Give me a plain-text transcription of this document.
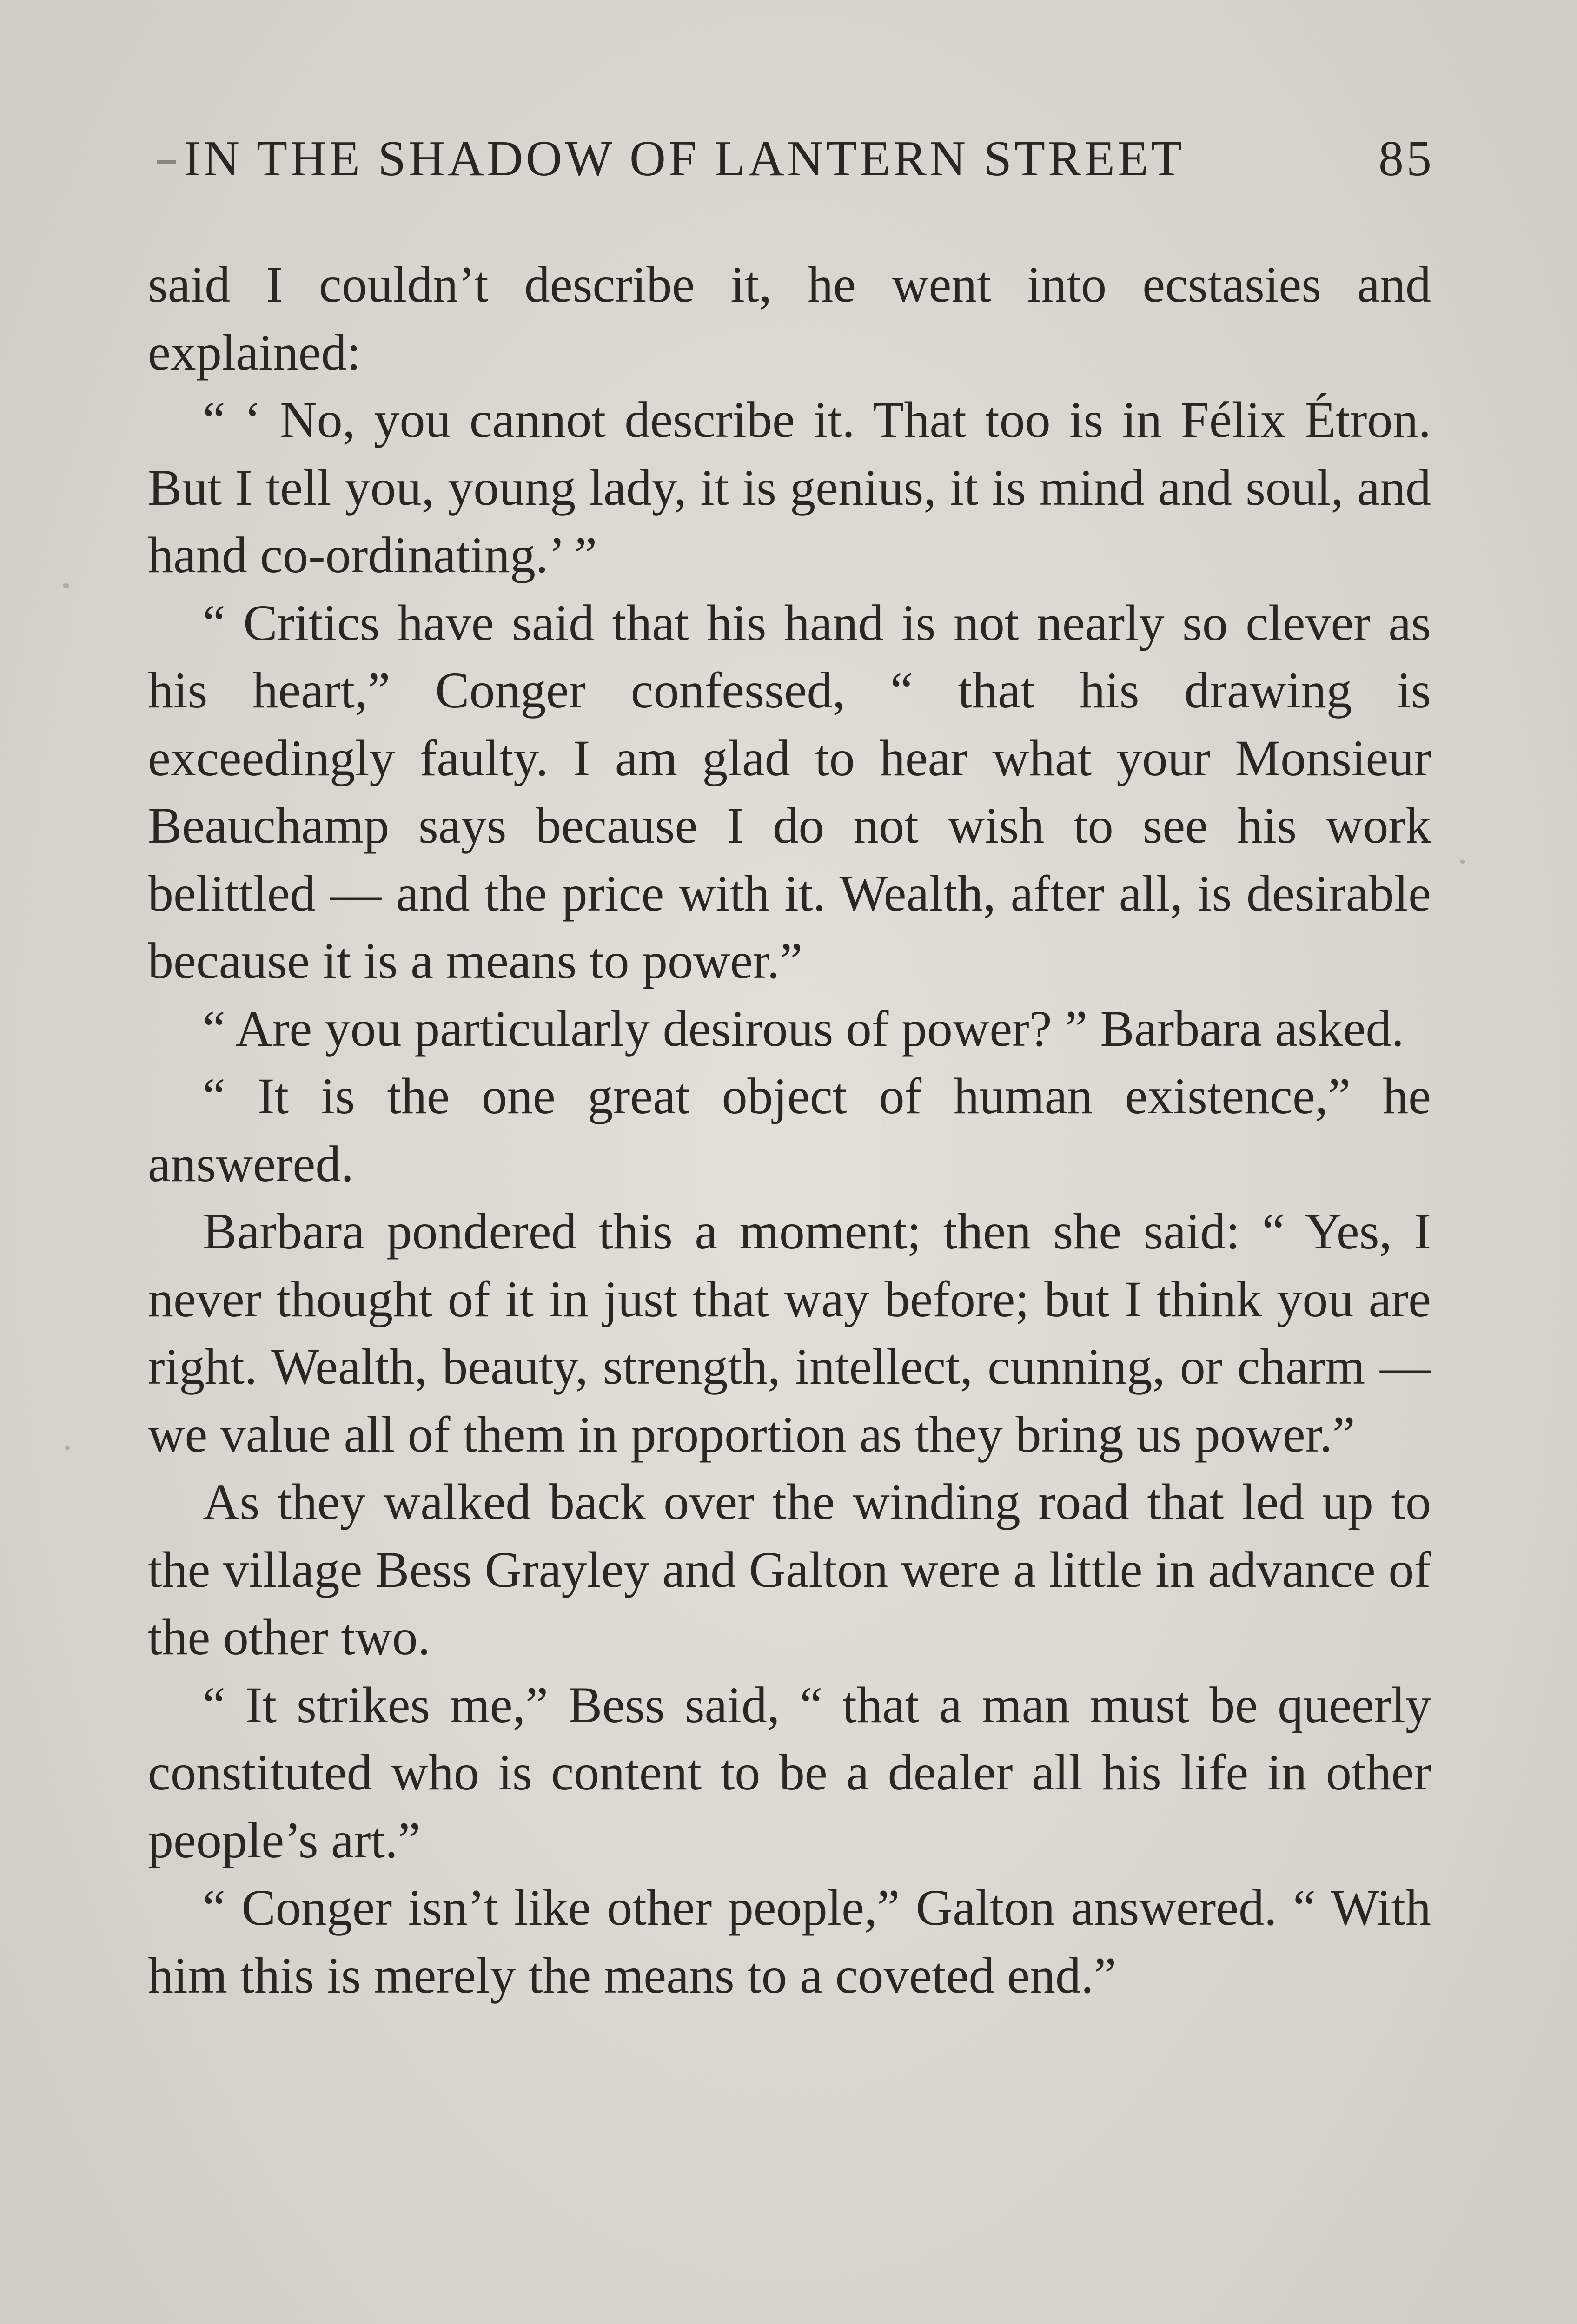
IN THE SHADOW OF LANTERN STREET	85

said I couldn’t describe it, he went into ecstasies and explained:

“ ‘ No, you cannot describe it. That too is in Félix Étron. But I tell you, young lady, it is genius, it is mind and soul, and hand co-ordinating.’ ”

“ Critics have said that his hand is not nearly so clever as his heart,” Conger confessed, “ that his drawing is exceedingly faulty. I am glad to hear what your Monsieur Beauchamp says because I do not wish to see his work belittled — and the price with it. Wealth, after all, is desirable because it is a means to power.”

“ Are you particularly desirous of power? ” Barbara asked.

“ It is the one great object of human existence,” he answered.

Barbara pondered this a moment; then she said: “ Yes, I never thought of it in just that way before; but I think you are right. Wealth, beauty, strength, intellect, cunning, or charm — we value all of them in proportion as they bring us power.”

As they walked back over the winding road that led up to the village Bess Grayley and Galton were a little in advance of the other two.

“ It strikes me,” Bess said, “ that a man must be queerly constituted who is content to be a dealer all his life in other people’s art.”

“ Conger isn’t like other people,” Galton answered. “ With him this is merely the means to a coveted end.”
